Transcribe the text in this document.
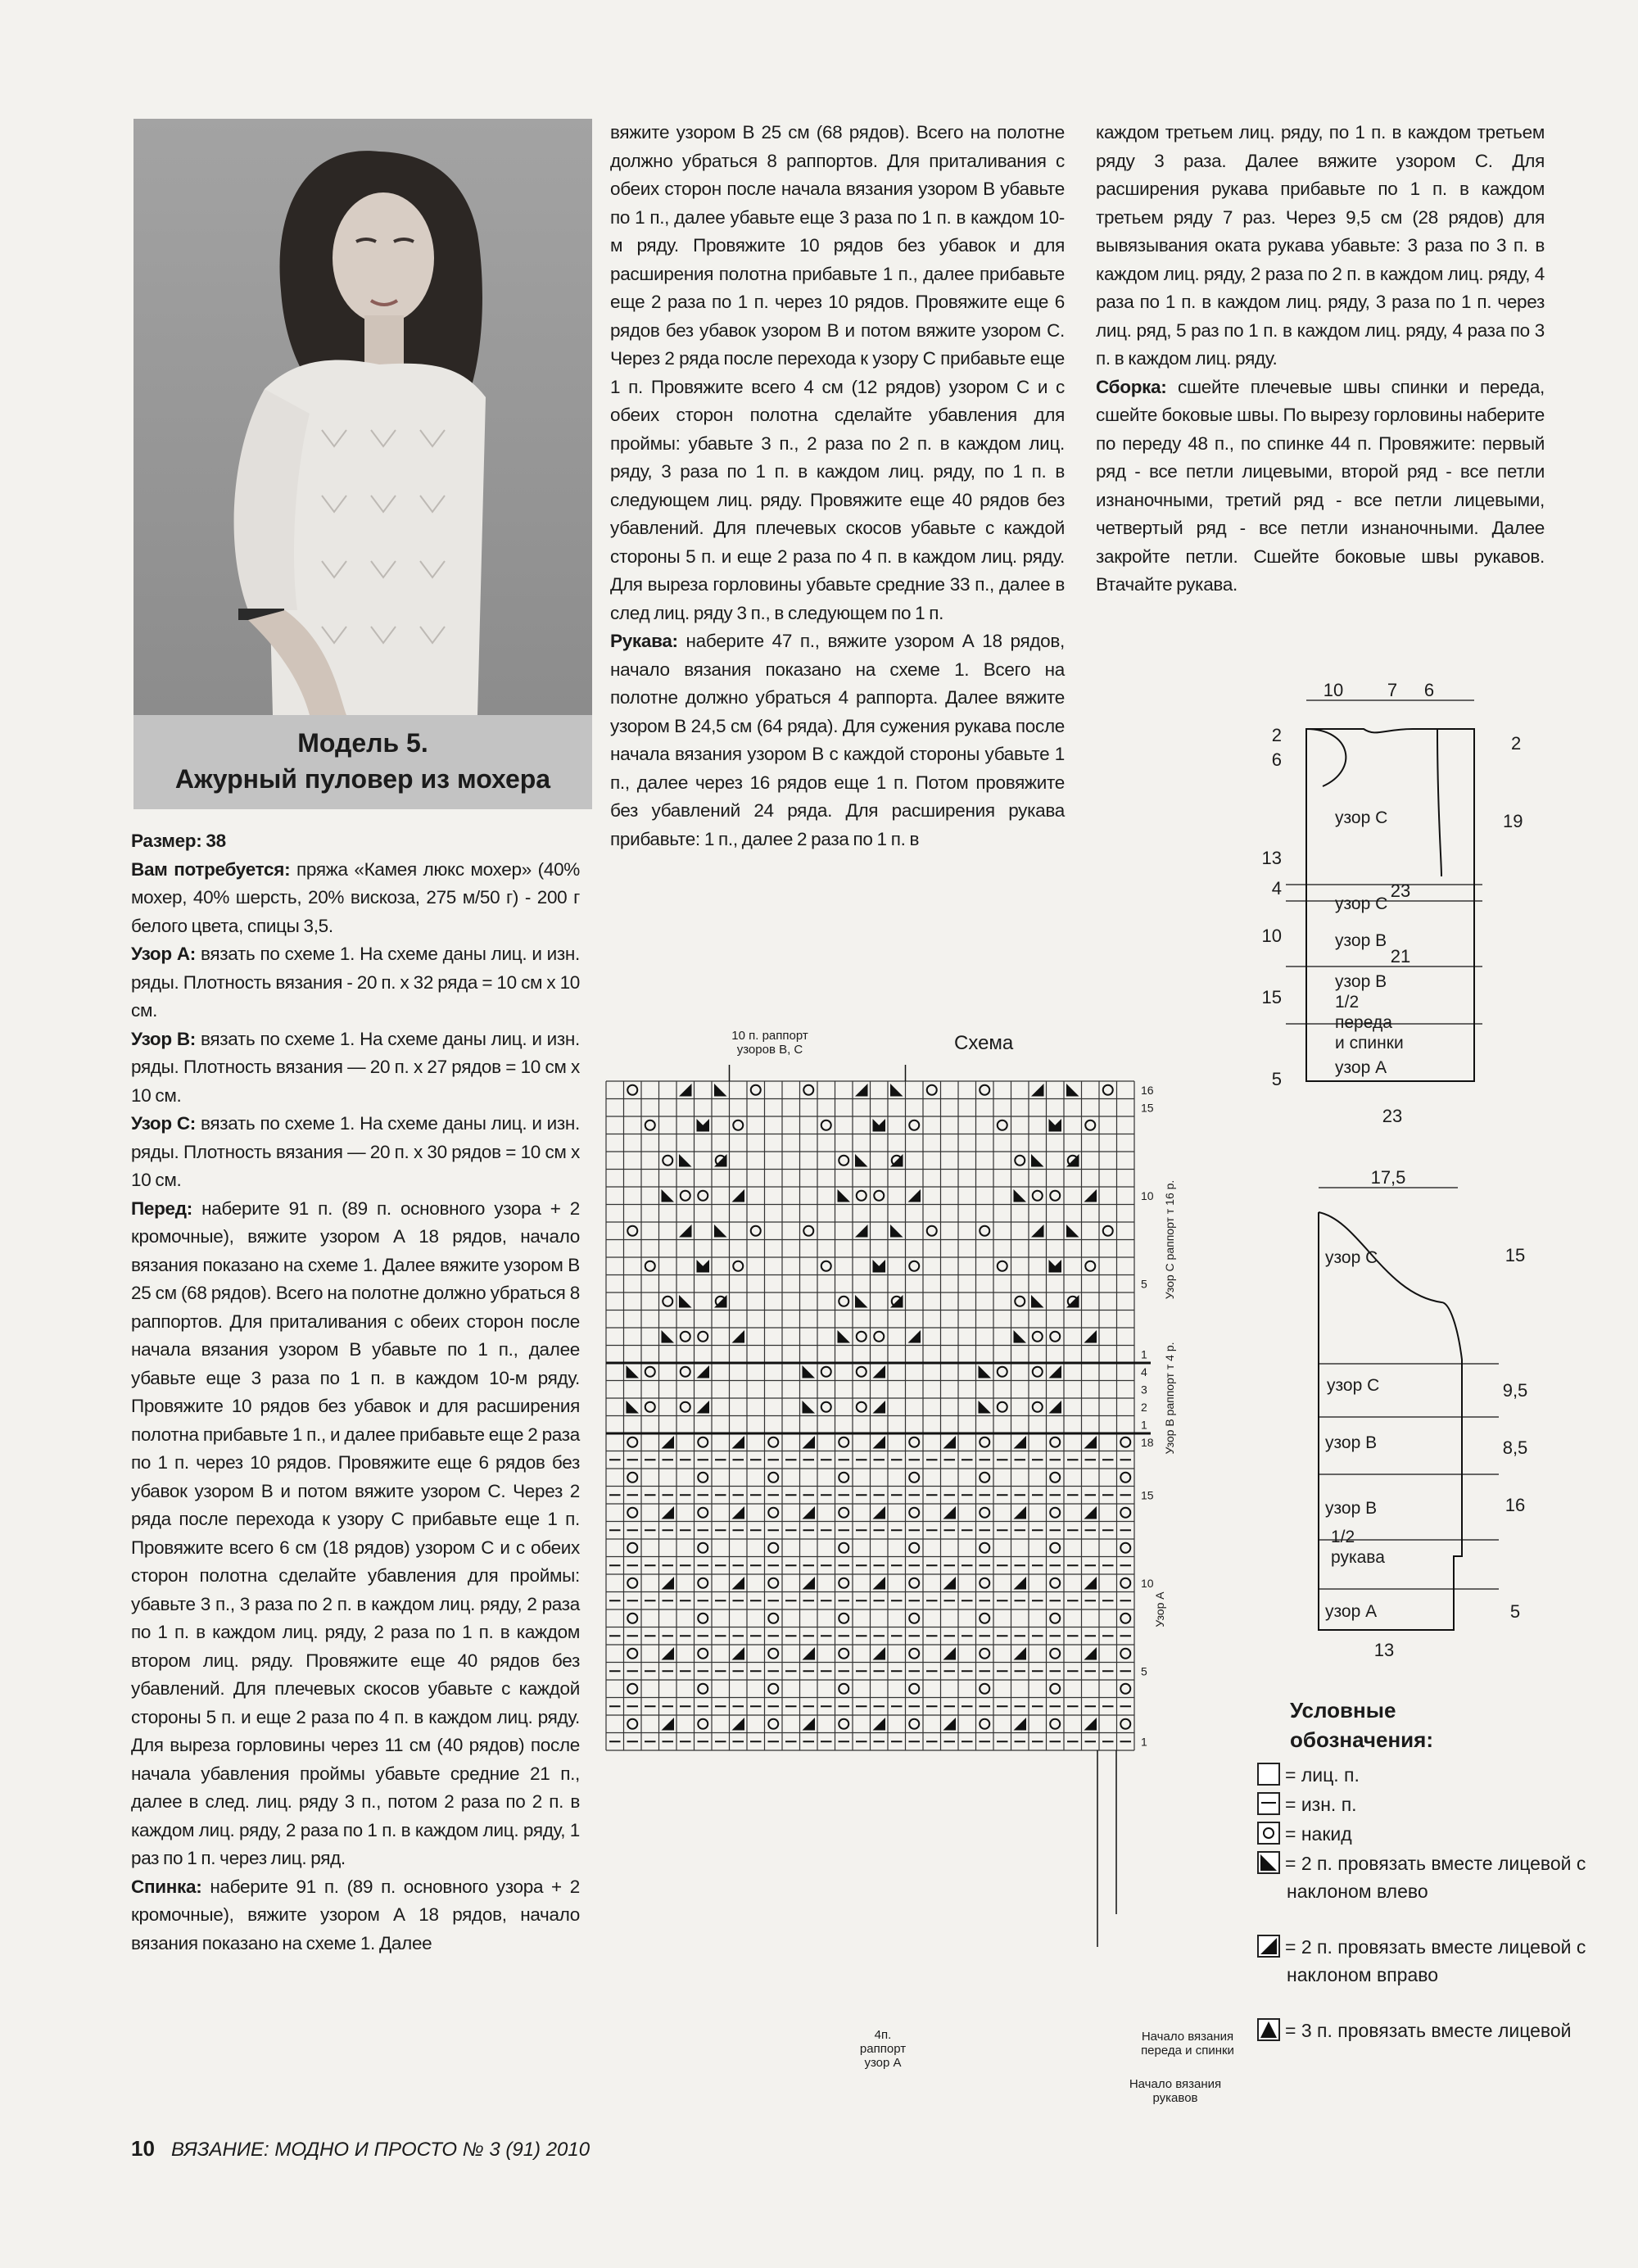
Модель 5.
Ажурный пуловер из мохера

Размер: 38

Вам потребуется: пряжа «Камея люкс мохер» (40% мохер, 40% шерсть, 20% вискоза, 275 м/50 г) - 200 г белого цвета, спицы 3,5.

Узор А: вязать по схеме 1. На схеме даны лиц. и изн. ряды. Плотность вязания - 20 п. х 32 ряда = 10 см х 10 см.

Узор В: вязать по схеме 1. На схеме даны лиц. и изн. ряды. Плотность вязания — 20 п. х 27 рядов = 10 см х 10 см.

Узор С: вязать по схеме 1. На схеме даны лиц. и изн. ряды. Плотность вязания — 20 п. х 30 рядов = 10 см х 10 см.

Перед: наберите 91 п. (89 п. основного узора + 2 кромочные), вяжите узором А 18 рядов, начало вязания показано на схеме 1. Далее вяжите узором В 25 см (68 рядов). Всего на полотне должно убраться 8 раппортов. Для приталивания с обеих сторон после начала вязания узором В убавьте по 1 п., далее убавьте еще 3 раза по 1 п. в каждом 10-м ряду. Провяжите 10 рядов без убавок и для расширения полотна прибавьте 1 п., и далее прибавьте еще 2 раза по 1 п. через 10 рядов. Провяжите еще 6 рядов без убавок узором В и потом вяжите узором С. Через 2 ряда после перехода к узору С прибавьте еще 1 п. Провяжите всего 6 см (18 рядов) узором С и с обеих сторон полотна сделайте убавления для проймы: убавьте 3 п., 3 раза по 2 п. в каждом лиц. ряду, 2 раза по 1 п. в каждом лиц. ряду, 2 раза по 1 п. в каждом втором лиц. ряду. Провяжите еще 40 рядов без убавлений. Для плечевых скосов убавьте с каждой стороны 5 п. и еще 2 раза по 4 п. в каждом лиц. ряду. Для выреза горловины через 11 см (40 рядов) после начала убавления проймы убавьте средние 21 п., далее в след. лиц. ряду 3 п., потом 2 раза по 2 п. в каждом лиц. ряду, 2 раза по 1 п. в каждом лиц. ряду, 1 раз по 1 п. через лиц. ряд.

Спинка: наберите 91 п. (89 п. основного узора + 2 кромочные), вяжите узором А 18 рядов, начало вязания показано на схеме 1. Далее

вяжите узором В 25 см (68 рядов). Всего на полотне должно убраться 8 раппортов. Для приталивания с обеих сторон после начала вязания узором В убавьте по 1 п., далее убавьте еще 3 раза по 1 п. в каждом 10-м ряду. Провяжите 10 рядов без убавок и для расширения полотна прибавьте 1 п., далее прибавьте еще 2 раза по 1 п. через 10 рядов. Провяжите еще 6 рядов без убавок узором В и потом вяжите узором С. Через 2 ряда после перехода к узору С прибавьте еще 1 п. Провяжите всего 4 см (12 рядов) узором С и с обеих сторон полотна сделайте убавления для проймы: убавьте 3 п., 2 раза по 2 п. в каждом лиц. ряду, 3 раза по 1 п. в каждом лиц. ряду, по 1 п. в следующем лиц. ряду. Провяжите еще 40 рядов без убавлений. Для плечевых скосов убавьте с каждой стороны 5 п. и еще 2 раза по 4 п. в каждом лиц. ряду. Для выреза горловины убавьте средние 33 п., далее в след лиц. ряду 3 п., в следующем по 1 п.

Рукава: наберите 47 п., вяжите узором А 18 рядов, начало вязания показано на схеме 1. Всего на полотне должно убраться 4 раппорта. Далее вяжите узором В 24,5 см (64 ряда). Для сужения рукава после начала вязания узором В с каждой стороны убавьте 1 п., далее через 16 рядов еще 1 п. Потом провяжите без убавлений 24 ряда. Для расширения рукава прибавьте: 1 п., далее 2 раза по 1 п. в

каждом третьем лиц. ряду, по 1 п. в каждом третьем ряду 3 раза. Далее вяжите узором С. Для расширения рукава прибавьте по 1 п. в каждом третьем ряду 7 раз. Через 9,5 см (28 рядов) для вывязывания оката рукава убавьте: 3 раза по 3 п. в каждом лиц. ряду, 2 раза по 2 п. в каждом лиц. ряду, 4 раза по 1 п. в каждом лиц. ряду, 3 раза по 1 п. через лиц. ряд, 5 раз по 1 п. в каждом лиц. ряду, 4 раза по 3 п. в каждом лиц. ряду.

Сборка: сшейте плечевые швы спинки и переда, сшейте боковые швы. По вырезу горловины наберите по переду 48 п., по спинке 44 п. Провяжите: первый ряд - все петли лицевыми, второй ряд - все петли изнаночными, третий ряд - все петли лицевыми, четвертый ряд - все петли изнаночными. Далее закройте петли. Сшейте боковые швы рукавов. Втачайте рукава.

10 п. раппорт узоров В, С	Схема
16
15
10
5
1
4
3
2
1
18
15
10
5
1
Узор С раппорт т 16 р.
Узор В раппорт т 4 р.
Узор А
4п. раппорт узор А
Начало вязания переда и спинки
Начало вязания рукавов
10 7 6
2
6
13
4
10
15
5
2
19
23
21
23
узор С
узор С
узор В
узор В
1/2
переда
и спинки
узор А
17,5
15
9,5
8,5
16
5
13
узор С
узор С
узор В
узор В
1/2
рукава
узор А
Условные обозначения:
= лиц. п.
= изн. п.
= накид
= 2 п. провязать вместе лицевой с наклоном влево
= 2 п. провязать вместе лицевой с наклоном вправо
= 3 п. провязать вместе лицевой
10 ВЯЗАНИЕ: МОДНО И ПРОСТО № 3 (91) 2010
